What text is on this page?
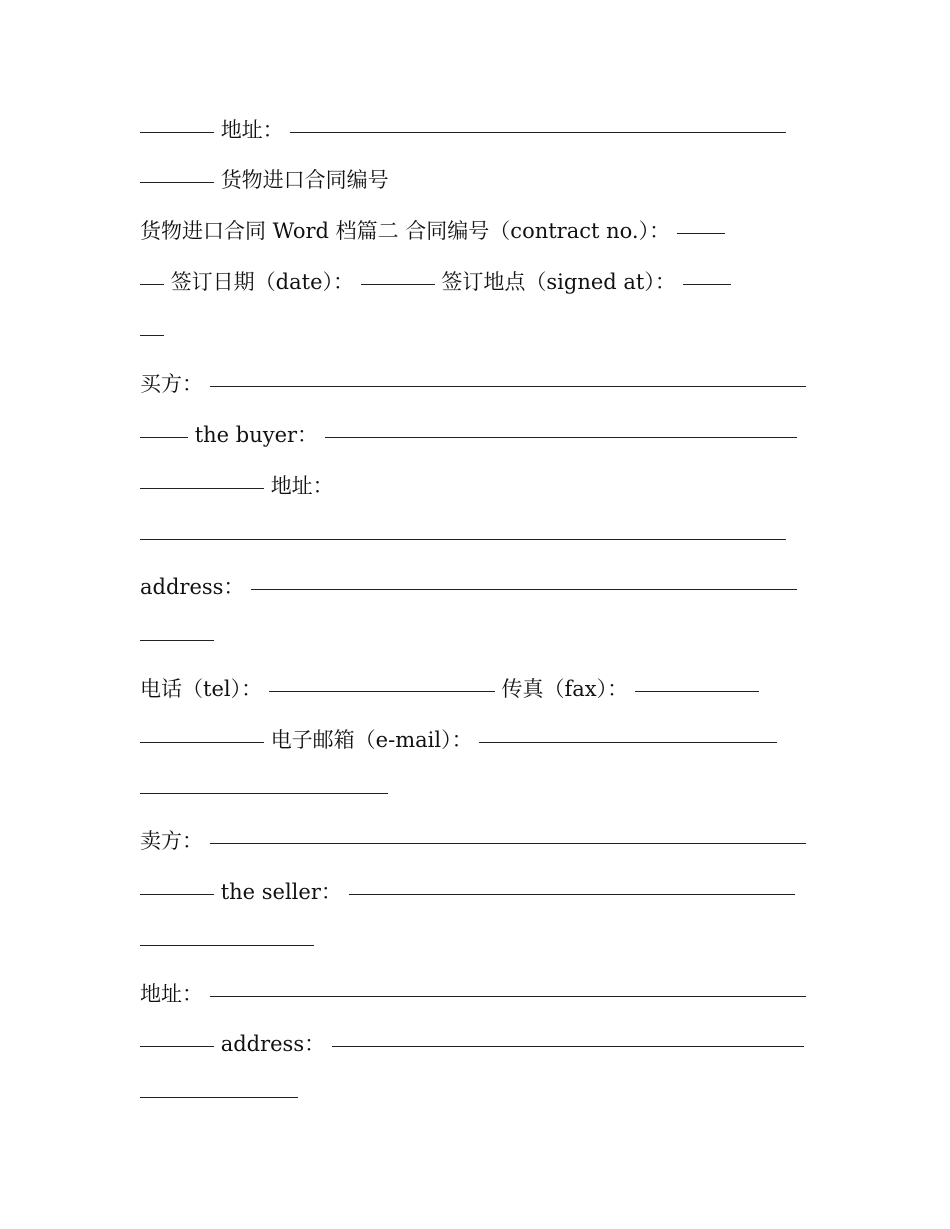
地址：
货物进口合同编号
货物进口合同 Word 档篇二 合同编号（contract no.）：
签订日期（date）：	签订地点（signed at）：
买方：
the buyer：
地址：
address：
电话（tel）：	传真（fax）：
电子邮箱（e-mail）：
卖方：
the seller：
地址：
address：
